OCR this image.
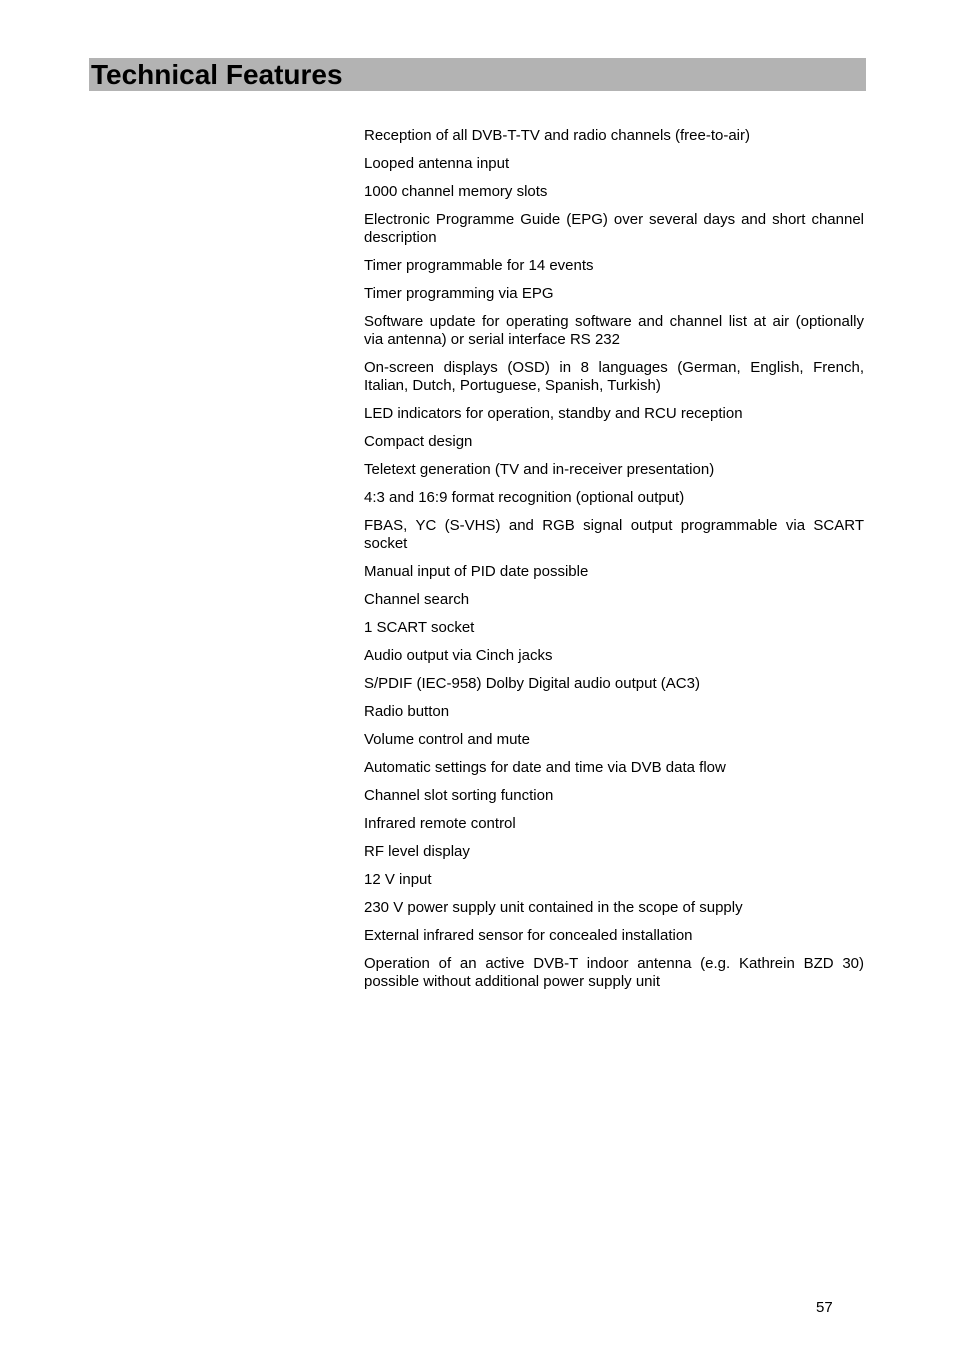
Technical Features
Reception of all DVB-T-TV and radio channels (free-to-air)
Looped antenna input
1000 channel memory slots
Electronic Programme Guide (EPG) over several days and short channel description
Timer programmable for 14 events
Timer programming via EPG
Software update for operating software and channel list at air (optionally via antenna) or serial interface RS 232
On-screen displays (OSD) in 8 languages (German, English, French, Italian, Dutch, Portuguese, Spanish, Turkish)
LED indicators for operation, standby and RCU reception
Compact design
Teletext generation (TV and in-receiver presentation)
4:3 and 16:9 format recognition (optional output)
FBAS, YC (S-VHS) and RGB signal output programmable via SCART socket
Manual input of PID date possible
Channel search
1 SCART socket
Audio output via Cinch jacks
S/PDIF (IEC-958) Dolby Digital audio output (AC3)
Radio button
Volume control and mute
Automatic settings for date and time via DVB data flow
Channel slot sorting function
Infrared remote control
RF level display
12 V input
230 V power supply unit contained in the scope of supply
External infrared sensor for concealed installation
Operation of an active DVB-T indoor antenna (e.g. Kathrein BZD 30) possible without additional power supply unit
57
